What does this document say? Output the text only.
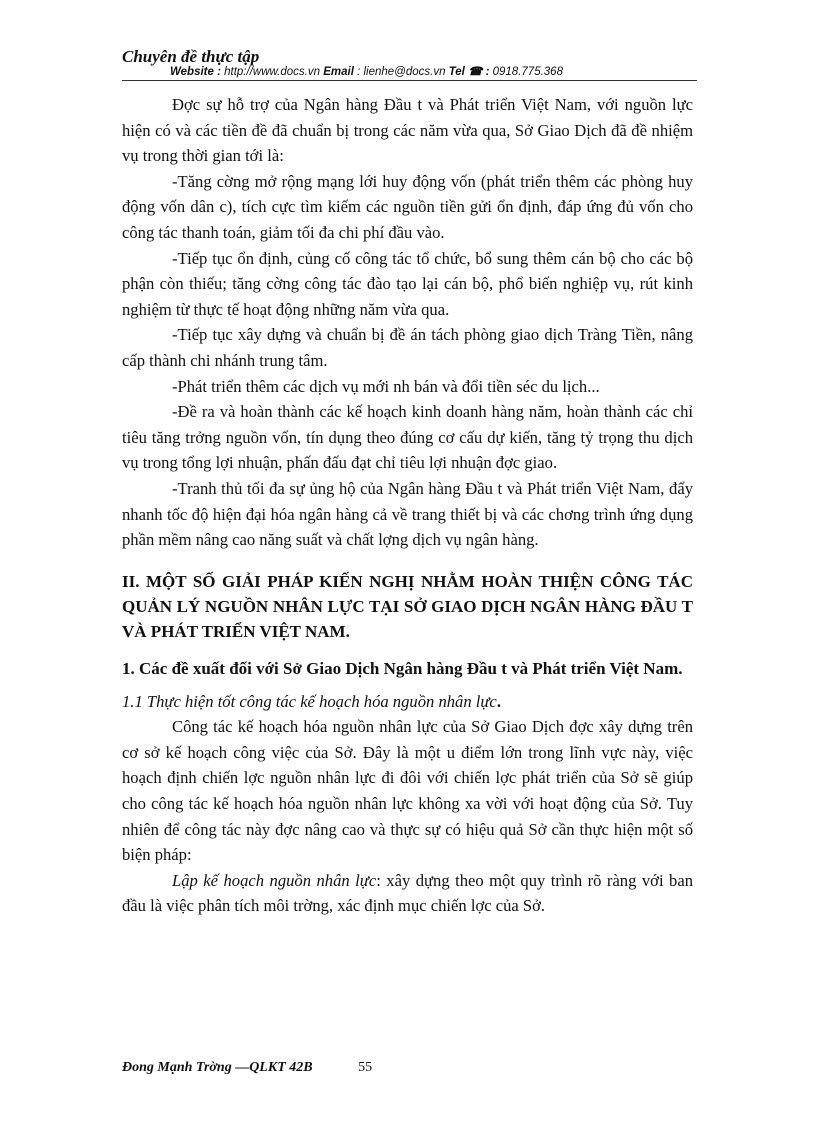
Chuyên đề thực tập
Website : http://www.docs.vn Email : lienhe@docs.vn Tel ☎ : 0918.775.368

Đợc sự hỗ trợ của Ngân hàng Đầu t và Phát triển Việt Nam, với nguồn lực hiện có và các tiền đề đã chuẩn bị trong các năm vừa qua, Sở Giao Dịch đã đề nhiệm vụ trong thời gian tới là:

-Tăng cờng mở rộng mạng lới huy động vốn (phát triển thêm các phòng huy động vốn dân c), tích cực tìm kiếm các nguồn tiền gửi ổn định, đáp ứng đủ vốn cho công tác thanh toán, giảm tối đa chi phí đầu vào.

-Tiếp tục ổn định, củng cố công tác tổ chức, bổ sung thêm cán bộ cho các bộ phận còn thiếu; tăng cờng công tác đào tạo lại cán bộ, phổ biến nghiệp vụ, rút kinh nghiệm từ thực tế hoạt động những năm vừa qua.

-Tiếp tục xây dựng và chuẩn bị đề án tách phòng giao dịch Tràng Tiền, nâng cấp thành chi nhánh trung tâm.

-Phát triển thêm các dịch vụ mới nh bán và đổi tiền séc du lịch...

-Đề ra và hoàn thành các kế hoạch kinh doanh hàng năm, hoàn thành các chỉ tiêu tăng trởng nguồn vốn, tín dụng theo đúng cơ cấu dự kiến, tăng tỷ trọng thu dịch vụ trong tổng lợi nhuận, phấn đấu đạt chỉ tiêu lợi nhuận đợc giao.

-Tranh thủ tối đa sự ủng hộ của Ngân hàng Đầu t và Phát triển Việt Nam, đẩy nhanh tốc độ hiện đại hóa ngân hàng cả về trang thiết bị và các chơng trình ứng dụng phần mềm nâng cao năng suất và chất lợng dịch vụ ngân hàng.

II. MỘT SỐ GIẢI PHÁP KIẾN NGHỊ NHẰM HOÀN THIỆN CÔNG TÁC QUẢN LÝ NGUỒN NHÂN LỰC TẠI SỞ GIAO DỊCH NGÂN HÀNG ĐẦU T VÀ PHÁT TRIỂN VIỆT NAM.

1. Các đề xuất đối với Sở Giao Dịch Ngân hàng Đầu t và Phát triển Việt Nam.

1.1 Thực hiện tốt công tác kế hoạch hóa nguồn nhân lực.

Công tác kế hoạch hóa nguồn nhân lực của Sở Giao Dịch đợc xây dựng trên cơ sở kế hoạch công việc của Sở. Đây là một u điểm lớn trong lĩnh vực này, việc hoạch định chiến lợc nguồn nhân lực đi đôi với chiến lợc phát triển của Sở sẽ giúp cho công tác kế hoạch hóa nguồn nhân lực không xa vời với hoạt động của Sở. Tuy nhiên để công tác này đợc nâng cao và thực sự có hiệu quả Sở cần thực hiện một số biện pháp:

Lập kế hoạch nguồn nhân lực: xây dựng theo một quy trình rõ ràng với ban đầu là việc phân tích môi trờng, xác định mục chiến lợc của Sở.

Đong Mạnh Trờng —QLKT 42B	55
